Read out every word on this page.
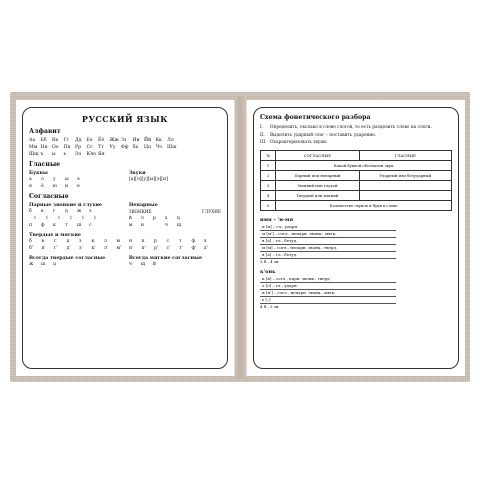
РУССКИЙ ЯЗЫК
Алфавит
Аа	Бб	Вв	Гг	Дд	Ее	Ёё	Жж Зз	Ии Йй Кк	Лл
Мм Нн Оо	Пп Рр	Сс	Тт	Уу	Фф Хх	Цц Чч	Шш
Щщ ъ	ы	ь	Ээ	Юю Яя
Гласные
Буквы
а	о	у	ы	э
я	ё	ю	и	е
Звуки
[а] [о] [у] [ы] [э] [и]
Согласные
Парные звонкие и глухие
б	в	г	д	ж	з
↕	↕	↕	↕	↕	↕
п	ф	к	т	ш	с
Непарные
ЗВОНКИЕ	ГЛУХИЕ
й	л	р	х	ц
м	н	ч	щ
Твердые и мягкие
б	в	г	д	з	к	л	м	н	п	р	с	т	ф	х
б'	в'	г'	д'	з'	к'	л'	м'	н'	п'	р'	с'	т'	ф'	х'
Всегда твердые согласные
ж	ш	ц
Всегда мягкие согласные
ч	щ	й
Схема фонетического разбора
I.	Определить, сколько в слове слогов, то есть разделить слово на слоги.
II.	Выделить ударный слог – поставить ударение.
III. Охарактеризовать звуки:
№	СОГЛАСНЫЕ	ГЛАСНЫЕ
1	Какой буквой обозначен звук	
2	Парный или непарный	Ударный или безударный
3	Звонкий или глухой	
4	Твердый или мягкий	
5	Количество звуков и букв в слове	
имя – 'и-мя
и [и] – гл., ударн.
м [м'] – согл., непарн. звонк., мягк.
я [а] – гл., безуд.
м [м] – согл., непарн. звонк., тверд.
я [а] – гл., безуд.
3 б., 4 зв.
к'онь
к [к] – согл., парн. звонк., тверд.
о [о] – гл., ударн.
н [н'] – согл., непарн. звонк., мягк.
ь [–]
4 б., 3 зв.
